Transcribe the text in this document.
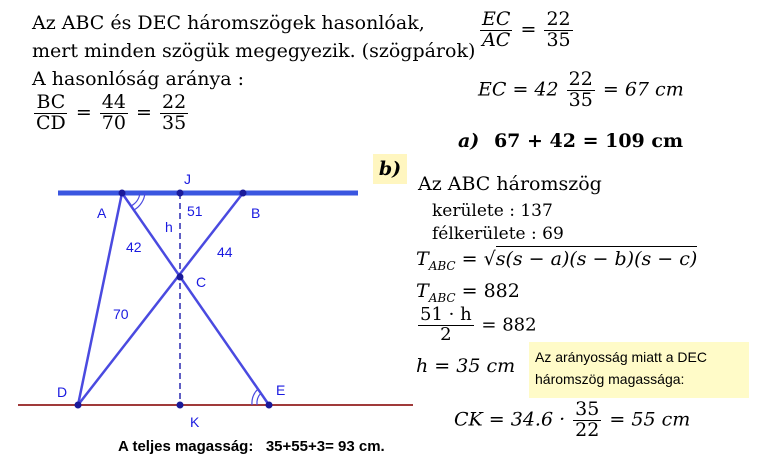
Az ABC és DEC háromszögek hasonlóak,
mert minden szögük megegyezik. (szögpárok)
A hasonlóság aránya :
$\frac{BC}{CD} = \frac{44}{70} = \frac{22}{35}$
$\frac{EC}{AC} = \frac{22}{35}$
EC = $42 \frac{22}{35} = 67$ cm
a) 67 + 42 = 109 cm
b)
Az ABC háromszög
kerülete : 137
félkerülete : 69
$T_{ABC} = √s(s - a)(s - b)(s - c)$
$T_{ABC} = 882$
$\frac{51 \cdot h}{2} = 882$
h = 35 cm Az arányosság miatt a DEC
háromszög magassága:
CK = $34.6 \cdot \frac{35}{22} = 55$ cm
A teljes magasság:   35+55+3= 93 cm.
J
A	B
51
h
42	44
C
70
D	E
K
